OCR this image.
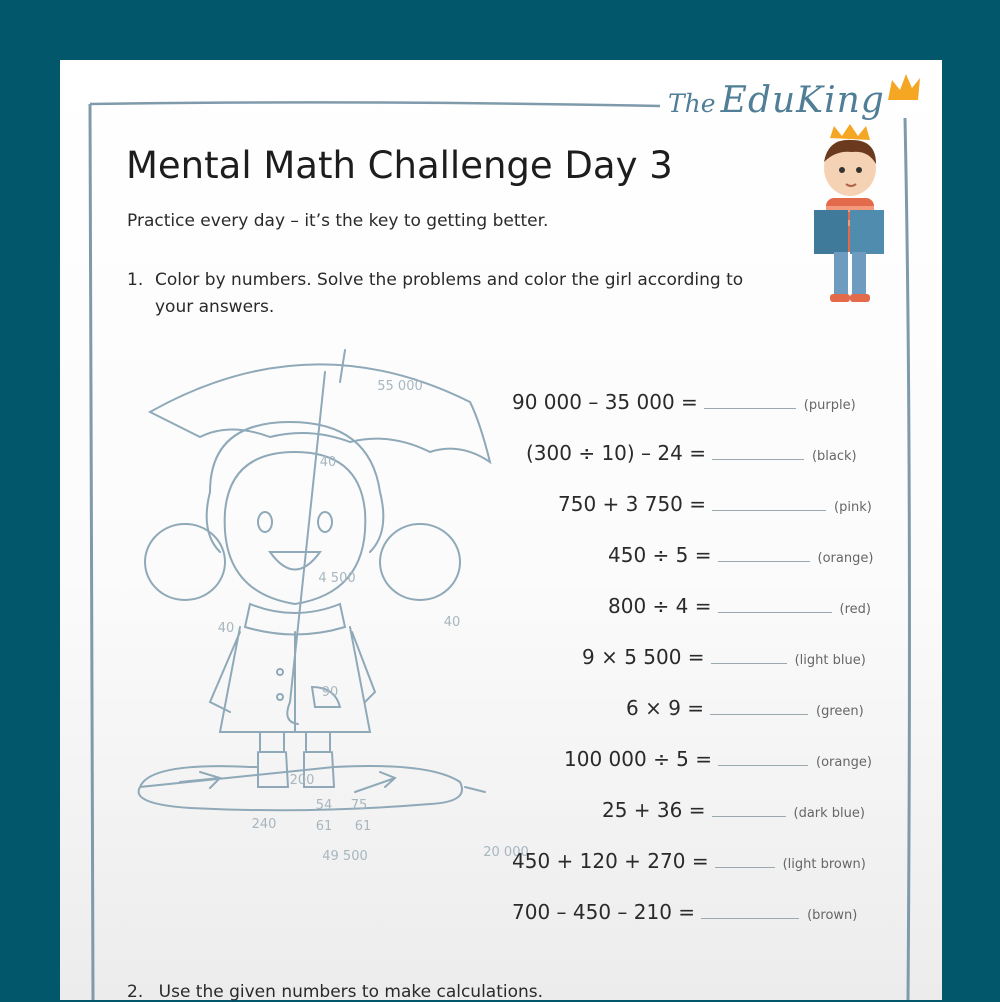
The EduKing
Mental Math Challenge Day 3
Practice every day – it’s the key to getting better.
1. Color by numbers. Solve the problems and color the girl according to your answers.
55 000
40
4 500
40	40
90
200
54 75
61 61
240
49 500	20 000
90 000 – 35 000 =	(purple)
(300 ÷ 10) – 24 =	(black)
750 + 3 750 =	(pink)
450 ÷ 5 =	(orange)
800 ÷ 4 =	(red)
9 × 5 500 =	(light blue)
6 × 9 =	(green)
100 000 ÷ 5 =	(orange)
25 + 36 =	(dark blue)
450 + 120 + 270 =	(light brown)
700 – 450 – 210 =	(brown)
2. Use the given numbers to make calculations.
